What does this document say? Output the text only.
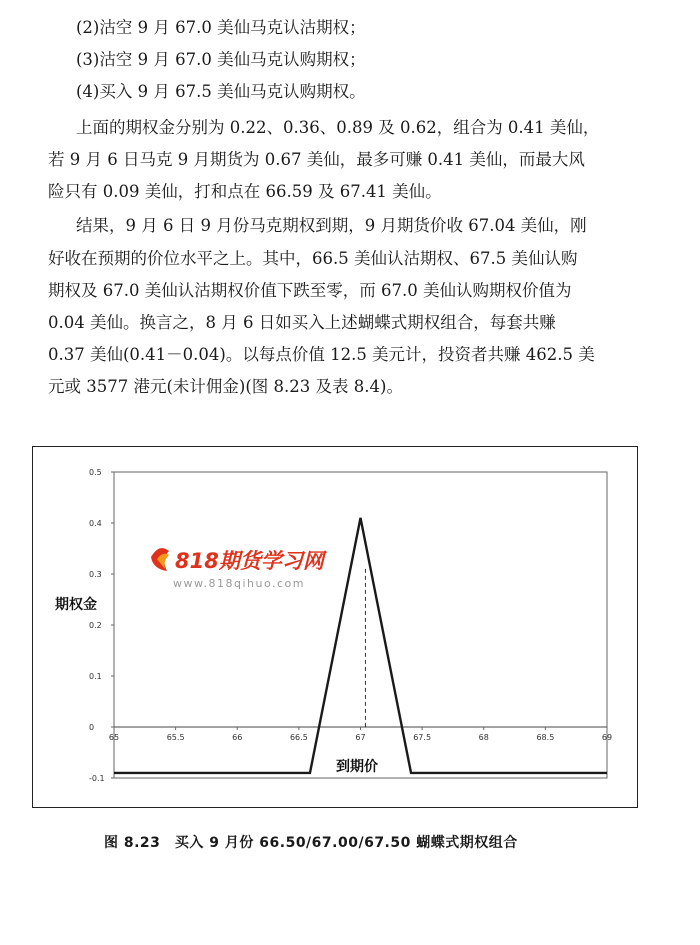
(2)沽空 9 月 67.0 美仙马克认沽期权；
(3)沽空 9 月 67.0 美仙马克认购期权；
(4)买入 9 月 67.5 美仙马克认购期权。
上面的期权金分别为 0.22、0.36、0.89 及 0.62，组合为 0.41 美仙，
若 9 月 6 日马克 9 月期货为 0.67 美仙，最多可赚 0.41 美仙，而最大风
险只有 0.09 美仙，打和点在 66.59 及 67.41 美仙。
结果，9 月 6 日 9 月份马克期权到期，9 月期货价收 67.04 美仙，刚
好收在预期的价位水平之上。其中，66.5 美仙认沽期权、67.5 美仙认购
期权及 67.0 美仙认沽期权价值下跌至零，而 67.0 美仙认购期权价值为
0.04 美仙。换言之，8 月 6 日如买入上述蝴蝶式期权组合，每套共赚
0.37 美仙(0.41－0.04)。以每点价值 12.5 美元计，投资者共赚 462.5 美
元或 3577 港元(未计佣金)(图 8.23 及表 8.4)。
0.5
0.4
0.3
0.2
0.1
0
-0.1
65	65.5	66	66.5	67	67.5	68	68.5	69
818期货学习网
www.818qihuo.com
期权金
到期价
图 8.23　买入 9 月份 66.50/67.00/67.50 蝴蝶式期权组合
